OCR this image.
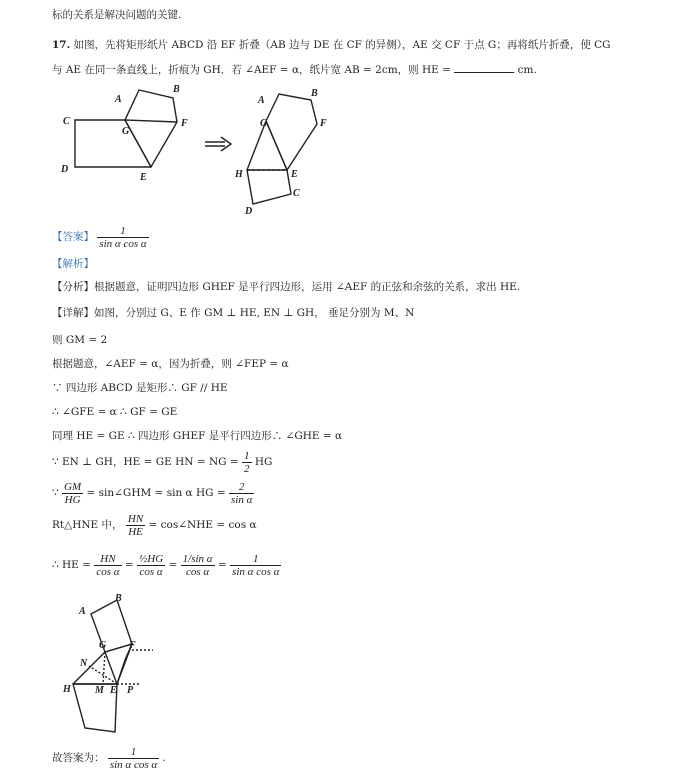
标的关系是解决问题的关键.
17. 如图，先将矩形纸片 ABCD 沿 EF 折叠（AB 边与 DE 在 CF 的异侧），AE 交 CF 于点 G；再将纸片折叠，使 CG
与 AE 在同一条直线上，折痕为 GH．若 ∠AEF = α，纸片宽 AB = 2cm，则 HE =	cm.
A
B
C
G
F
D
E
A
B
G	F
H	E
D
C
【答案】 $\frac{1}{\text{sin α cos α}}$
【解析】
【分析】根据题意，证明四边形 GHEF 是平行四边形，运用 ∠AEF 的正弦和余弦的关系，求出 HE.
【详解】如图，分别过 G、E 作 GM ⊥ HE, EN ⊥ GH， 垂足分别为 M、N
则 GM = 2
根据题意，∠AEF = α，因为折叠，则 ∠FEP = α
∵ 四边形 ABCD 是矩形∴ GF // HE
∴ ∠GFE = α ∴ GF = GE
同理 HE = GE ∴ 四边形 GHEF 是平行四边形∴ ∠GHE = α
∵ EN ⊥ GH，HE = GE HN = NG = $\frac{1}{2}$ HG
∵ $\frac{GM}{HG}$ = sin∠GHM = sin α HG = $\frac{2}{\text{sin α}}$
Rt△HNE 中， $\frac{HN}{HE}$ = cos∠NHE = cos α
∴ HE = $\frac{HN}{\text{cos α}} = \frac{\text{½HG}}{\text{cos α}} = \frac{\text{1/sin α}}{\text{cos α}} = \frac{1}{\text{sin α cos α}}$
B
A
G F
N
H M E P
故答案为： $\frac{1}{\text{sin α cos α}}$ .
